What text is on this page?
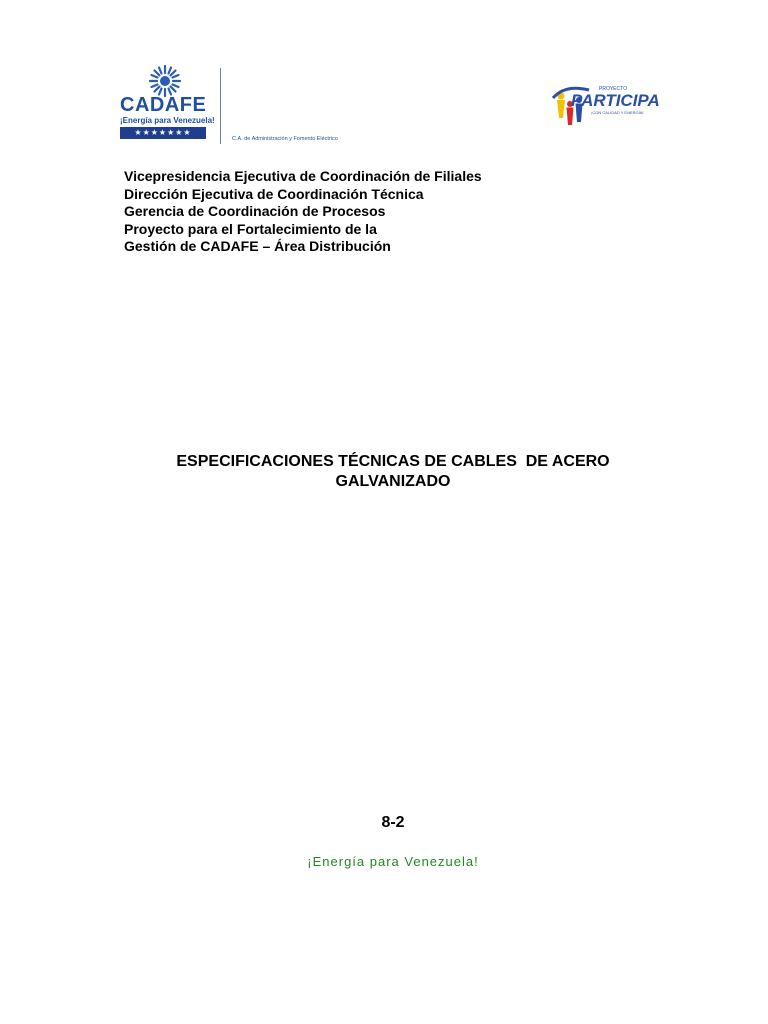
CADAFE
¡Energía para Venezuela!
★★★★★★★
C.A. de Administración y Fomento Eléctrico
PROYECTO
PARTICIPA
¡CON CALIDAD Y ENERGÍA!
Vicepresidencia Ejecutiva de Coordinación de Filiales
Dirección Ejecutiva de Coordinación Técnica
Gerencia de Coordinación de Procesos
Proyecto para el Fortalecimiento de la
Gestión de CADAFE – Área Distribución
ESPECIFICACIONES TÉCNICAS DE CABLES  DE ACERO
GALVANIZADO
8-2
¡Energía para Venezuela!
